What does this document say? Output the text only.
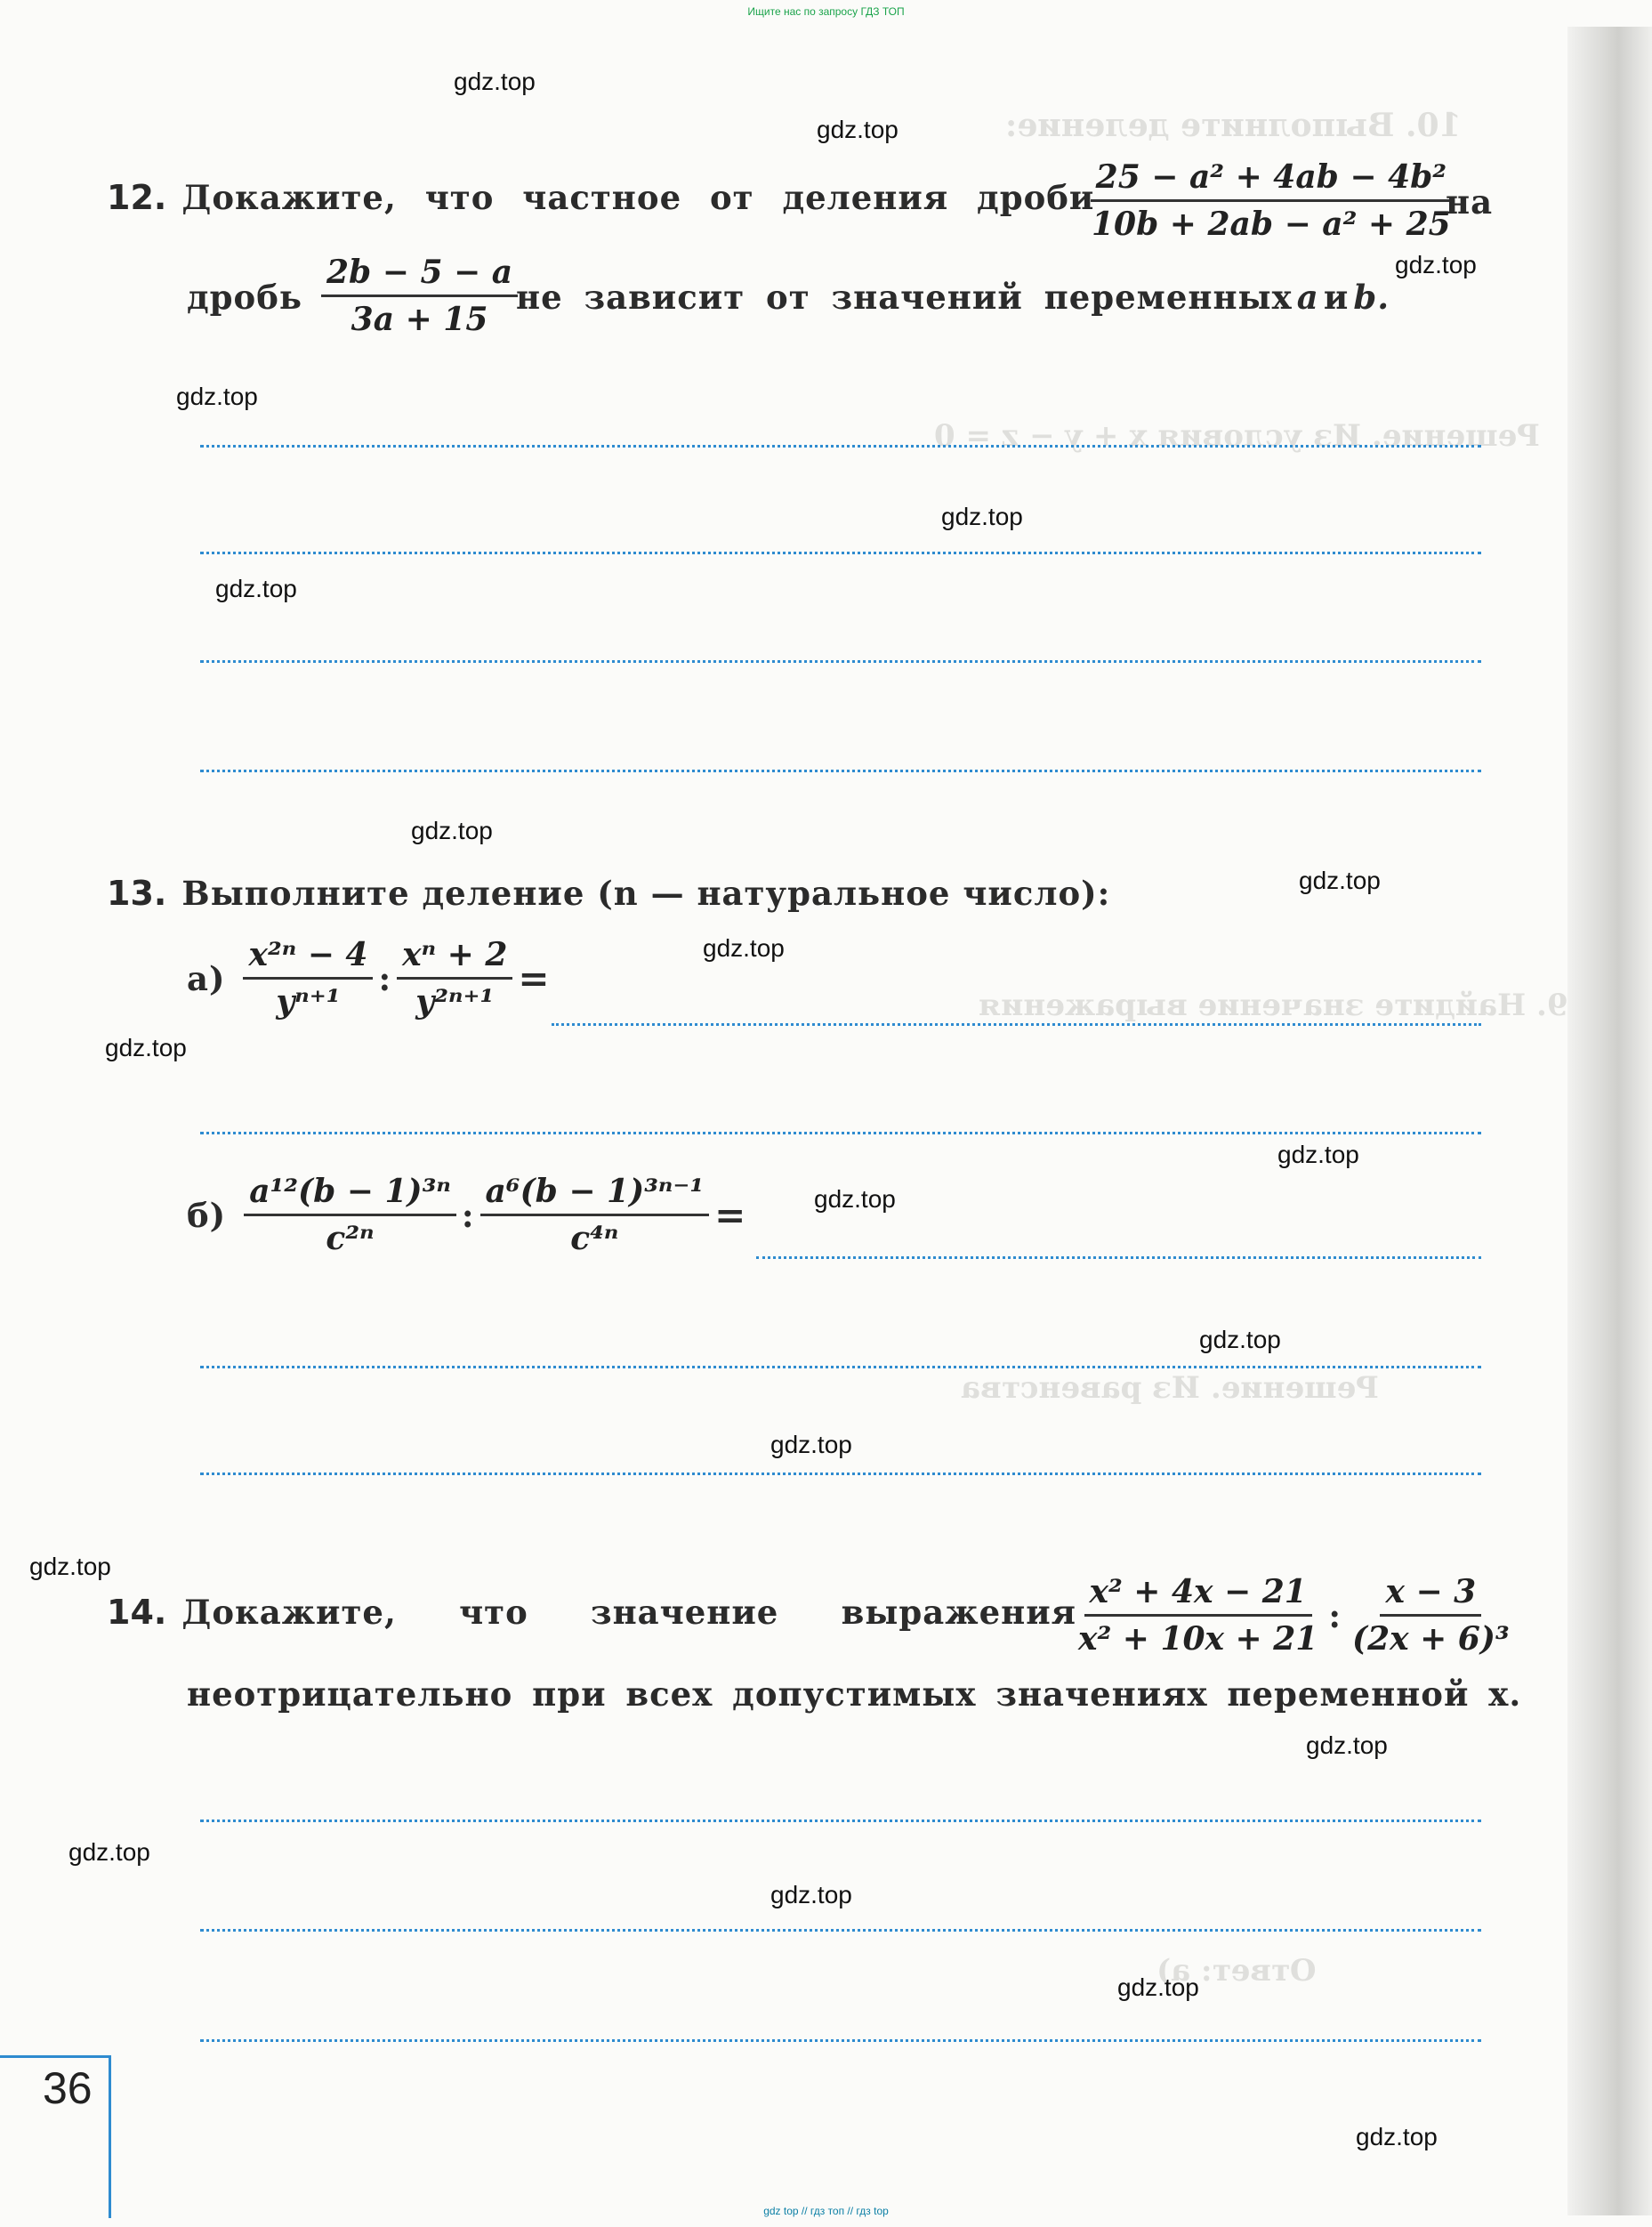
Ищите нас по запросу ГДЗ ТОП
10. Выполните деление:
Решение. Из условия x + y − z = 0
9. Найдите значение выражения
Решение. Из равенства
Ответ: а)
12. Докажите, что частное от деления дроби
$\frac{\text{25 − a² + 4ab − 4b²}}{\text{10b + 2ab − a² + 25}}$
на
дробь $\frac{2b - 5 - a}{3a + 15}$
не зависит от значений переменных a и b.
13. Выполните деление (n — натуральное число):
$а) \frac{\text{x²ⁿ − 4}}{\text{yⁿ⁺¹}}$ : $\frac{\text{xⁿ + 2}}{\text{y²ⁿ⁺¹}}$ =
$б) \frac{\text{a¹²(b − 1)³ⁿ}}{\text{c²ⁿ}}$ : $\frac{\text{a⁶(b − 1)³ⁿ⁻¹}}{\text{c⁴ⁿ}}$ =
14. Докажите, что значение выражения
$\frac{\text{x² + 4x − 21}}{\text{x² + 10x + 21}}$ : $\frac{x - 3}{\text{(2x + 6)³}}$
неотрицательно при всех допустимых значениях переменной x.
36
gdz.top
gdz.top
gdz.top
gdz.top
gdz.top
gdz.top
gdz.top
gdz.top
gdz.top
gdz.top
gdz.top
gdz.top
gdz.top
gdz.top
gdz.top
gdz.top
gdz.top
gdz.top
gdz.top
gdz.top
gdz top // гдз топ // гдз top
